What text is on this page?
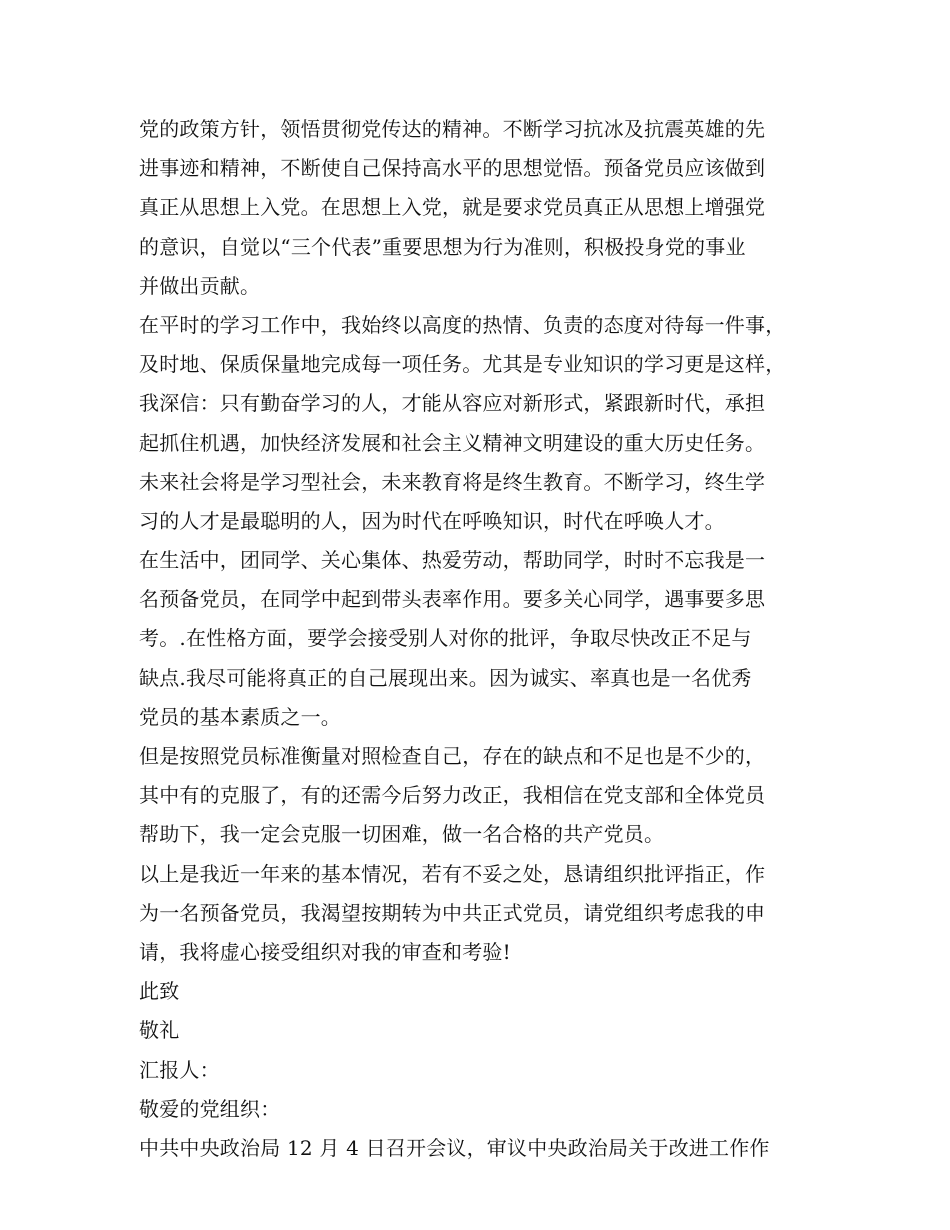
党的政策方针，领悟贯彻党传达的精神。不断学习抗冰及抗震英雄的先
进事迹和精神，不断使自己保持高水平的思想觉悟。预备党员应该做到
真正从思想上入党。在思想上入党，就是要求党员真正从思想上增强党
的意识，自觉以“三个代表”重要思想为行为准则，积极投身党的事业
并做出贡献。
在平时的学习工作中，我始终以高度的热情、负责的态度对待每一件事，
及时地、保质保量地完成每一项任务。尤其是专业知识的学习更是这样，
我深信：只有勤奋学习的人，才能从容应对新形式，紧跟新时代，承担
起抓住机遇，加快经济发展和社会主义精神文明建设的重大历史任务。
未来社会将是学习型社会，未来教育将是终生教育。不断学习，终生学
习的人才是最聪明的人，因为时代在呼唤知识，时代在呼唤人才。
在生活中，团同学、关心集体、热爱劳动，帮助同学，时时不忘我是一
名预备党员，在同学中起到带头表率作用。要多关心同学，遇事要多思
考。.在性格方面，要学会接受别人对你的批评，争取尽快改正不足与
缺点.我尽可能将真正的自己展现出来。因为诚实、率真也是一名优秀
党员的基本素质之一。
但是按照党员标准衡量对照检查自己，存在的缺点和不足也是不少的，
其中有的克服了，有的还需今后努力改正，我相信在党支部和全体党员
帮助下，我一定会克服一切困难，做一名合格的共产党员。
以上是我近一年来的基本情况，若有不妥之处，恳请组织批评指正，作
为一名预备党员，我渴望按期转为中共正式党员，请党组织考虑我的申
请，我将虚心接受组织对我的审查和考验!
此致
敬礼
汇报人：
敬爱的党组织：
中共中央政治局 12 月 4 日召开会议，审议中央政治局关于改进工作作
